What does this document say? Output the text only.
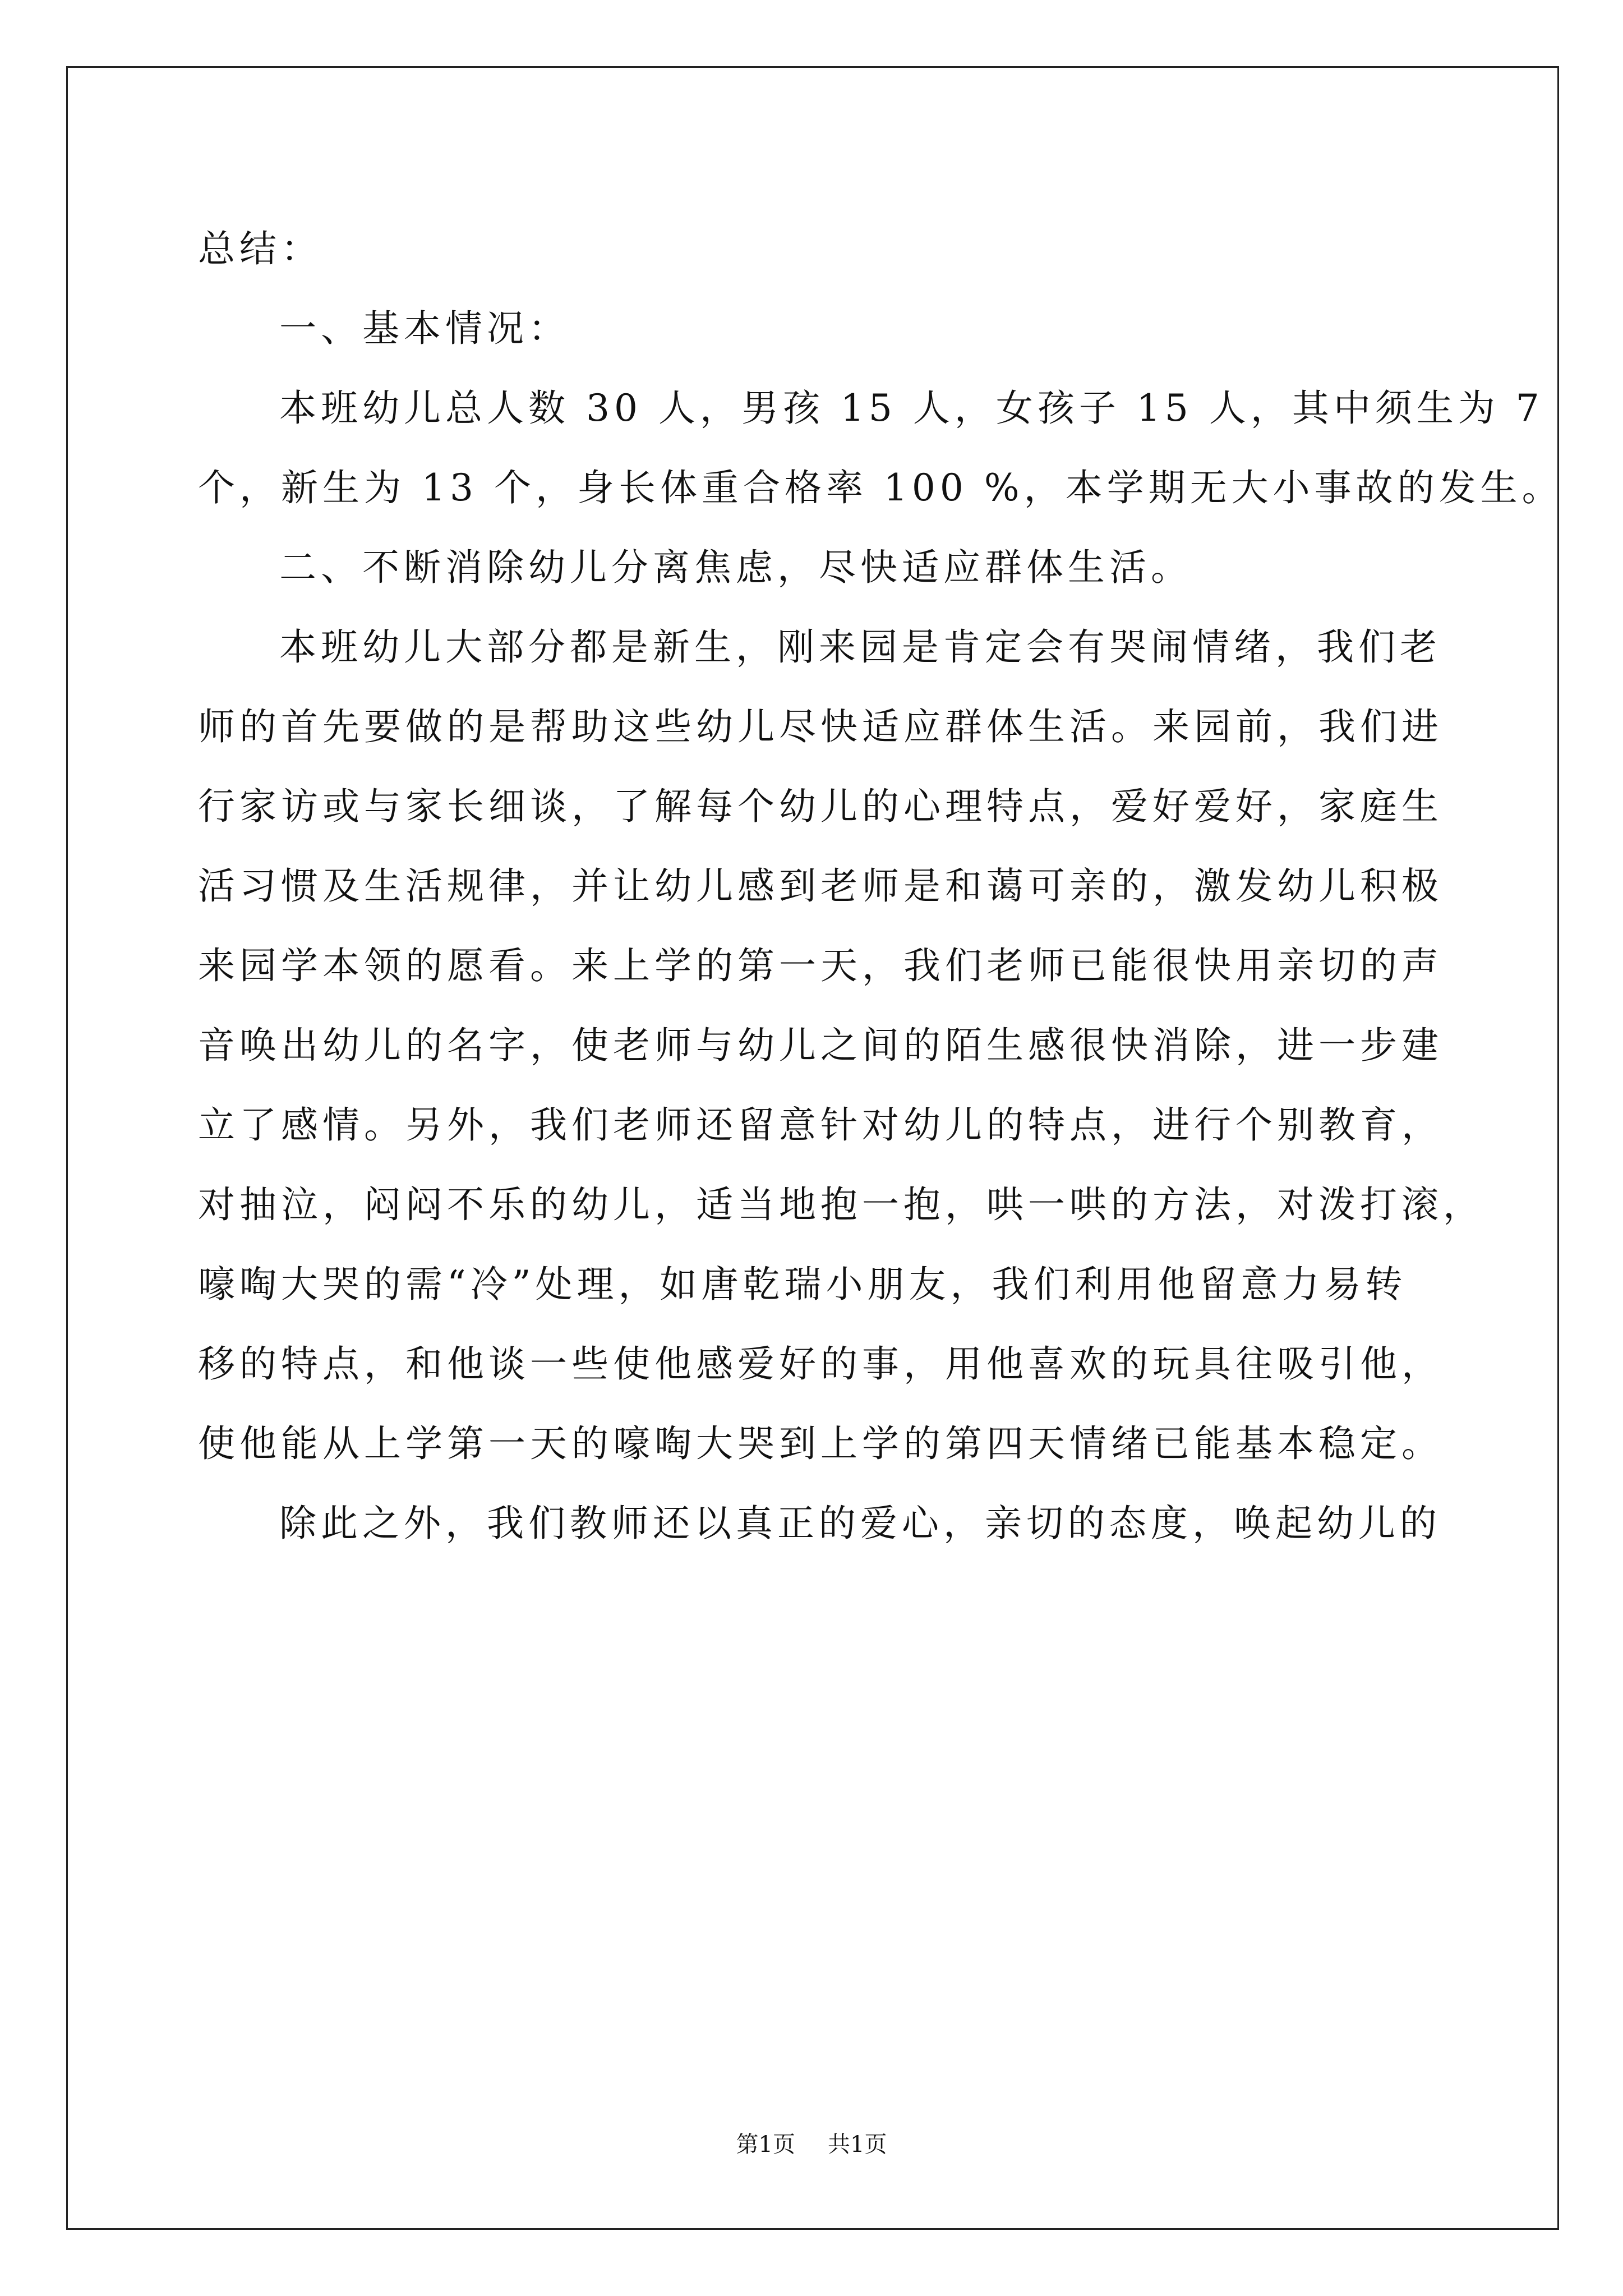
总结：
一、基本情况：
本班幼儿总人数 30 人，男孩 15 人，女孩子 15 人，其中须生为 7
个，新生为 13 个，身长体重合格率 100 %，本学期无大小事故的发生。
二、不断消除幼儿分离焦虑，尽快适应群体生活。
本班幼儿大部分都是新生，刚来园是肯定会有哭闹情绪，我们老
师的首先要做的是帮助这些幼儿尽快适应群体生活。来园前，我们进
行家访或与家长细谈，了解每个幼儿的心理特点，爱好爱好，家庭生
活习惯及生活规律，并让幼儿感到老师是和蔼可亲的，激发幼儿积极
来园学本领的愿看。来上学的第一天，我们老师已能很快用亲切的声
音唤出幼儿的名字，使老师与幼儿之间的陌生感很快消除，进一步建
立了感情。另外，我们老师还留意针对幼儿的特点，进行个别教育，
对抽泣，闷闷不乐的幼儿，适当地抱一抱，哄一哄的方法，对泼打滚，
嚎啕大哭的需“冷”处理，如唐乾瑞小朋友，我们利用他留意力易转
移的特点，和他谈一些使他感爱好的事，用他喜欢的玩具往吸引他，
使他能从上学第一天的嚎啕大哭到上学的第四天情绪已能基本稳定。
除此之外，我们教师还以真正的爱心，亲切的态度，唤起幼儿的
第1页 共1页
